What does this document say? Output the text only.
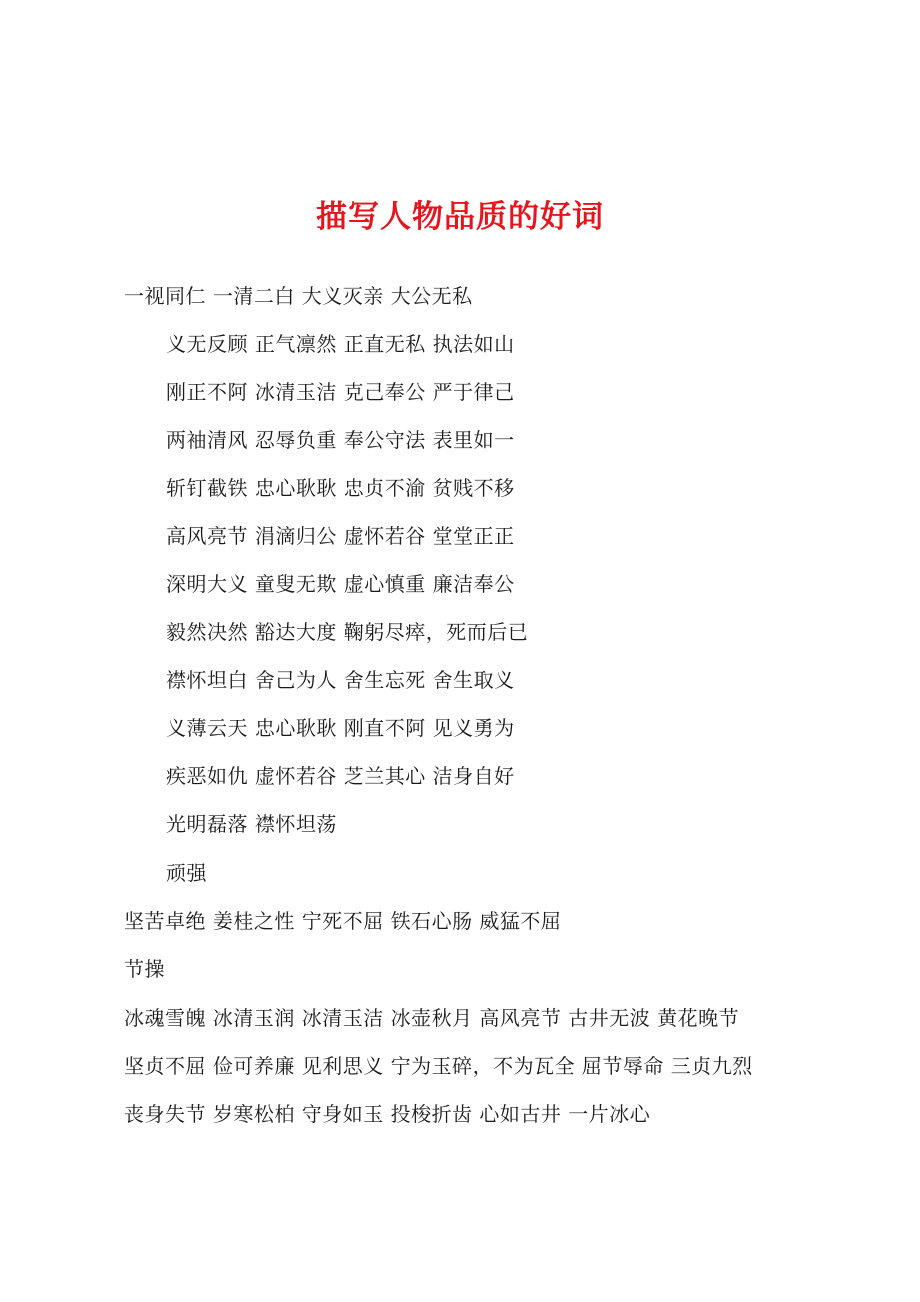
描写人物品质的好词
一视同仁 一清二白 大义灭亲 大公无私
义无反顾 正气凛然 正直无私 执法如山
刚正不阿 冰清玉洁 克己奉公 严于律己
两袖清风 忍辱负重 奉公守法 表里如一
斩钉截铁 忠心耿耿 忠贞不渝 贫贱不移
高风亮节 涓滴归公 虚怀若谷 堂堂正正
深明大义 童叟无欺 虚心慎重 廉洁奉公
毅然决然 豁达大度 鞠躬尽瘁，死而后已
襟怀坦白 舍己为人 舍生忘死 舍生取义
义薄云天 忠心耿耿 刚直不阿 见义勇为
疾恶如仇 虚怀若谷 芝兰其心 洁身自好
光明磊落 襟怀坦荡
顽强
坚苦卓绝 姜桂之性 宁死不屈 铁石心肠 威猛不屈
节操
冰魂雪魄 冰清玉润 冰清玉洁 冰壶秋月 高风亮节 古井无波 黄花晚节
坚贞不屈 俭可养廉 见利思义 宁为玉碎，不为瓦全 屈节辱命 三贞九烈
丧身失节 岁寒松柏 守身如玉 投梭折齿 心如古井 一片冰心
